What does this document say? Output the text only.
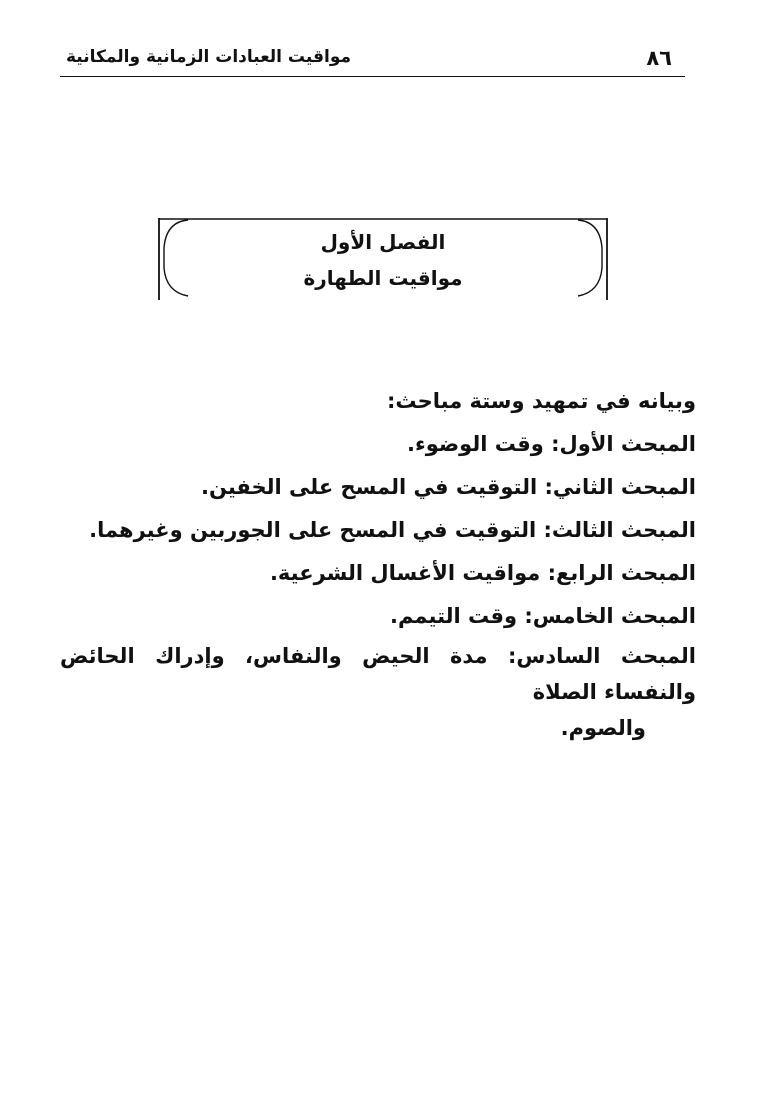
٨٦
مواقيت العبادات الزمانية والمكانية
الفصل الأول
مواقيت الطهارة

وبيانه في تمهيد وستة مباحث:

المبحث الأول: وقت الوضوء.

المبحث الثاني: التوقيت في المسح على الخفين.

المبحث الثالث: التوقيت في المسح على الجوربين وغيرهما.

المبحث الرابع: مواقيت الأغسال الشرعية.

المبحث الخامس: وقت التيمم.

المبحث السادس: مدة الحيض والنفاس، وإدراك الحائض والنفساء الصلاة
والصوم.
